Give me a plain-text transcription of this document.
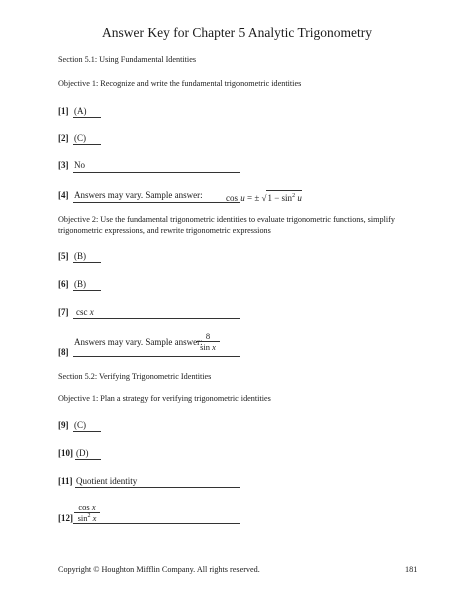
Answer Key for Chapter 5 Analytic Trigonometry
Section 5.1: Using Fundamental Identities
Objective 1: Recognize and write the fundamental trigonometric identities
[1] (A)
[2] (C)
[3] No
[4] Answers may vary. Sample answer:	cos u = ± $√1 - \sin^2 u$
Objective 2: Use the fundamental trigonometric identities to evaluate trigonometric functions, simplify trigonometric expressions, and rewrite trigonometric expressions
[5] (B)
[6] (B)
[7] csc x
Answers may vary. Sample answer:
$\frac{8}{\text{sin x}}$
[8]
Section 5.2: Verifying Trigonometric Identities
Objective 1: Plan a strategy for verifying trigonometric identities
[9] (C)
[10] (D)
[11] Quotient identity
$\frac{\text{cos x}}{\sin^2 x}$
[12]
Copyright © Houghton Mifflin Company. All rights reserved.	181
